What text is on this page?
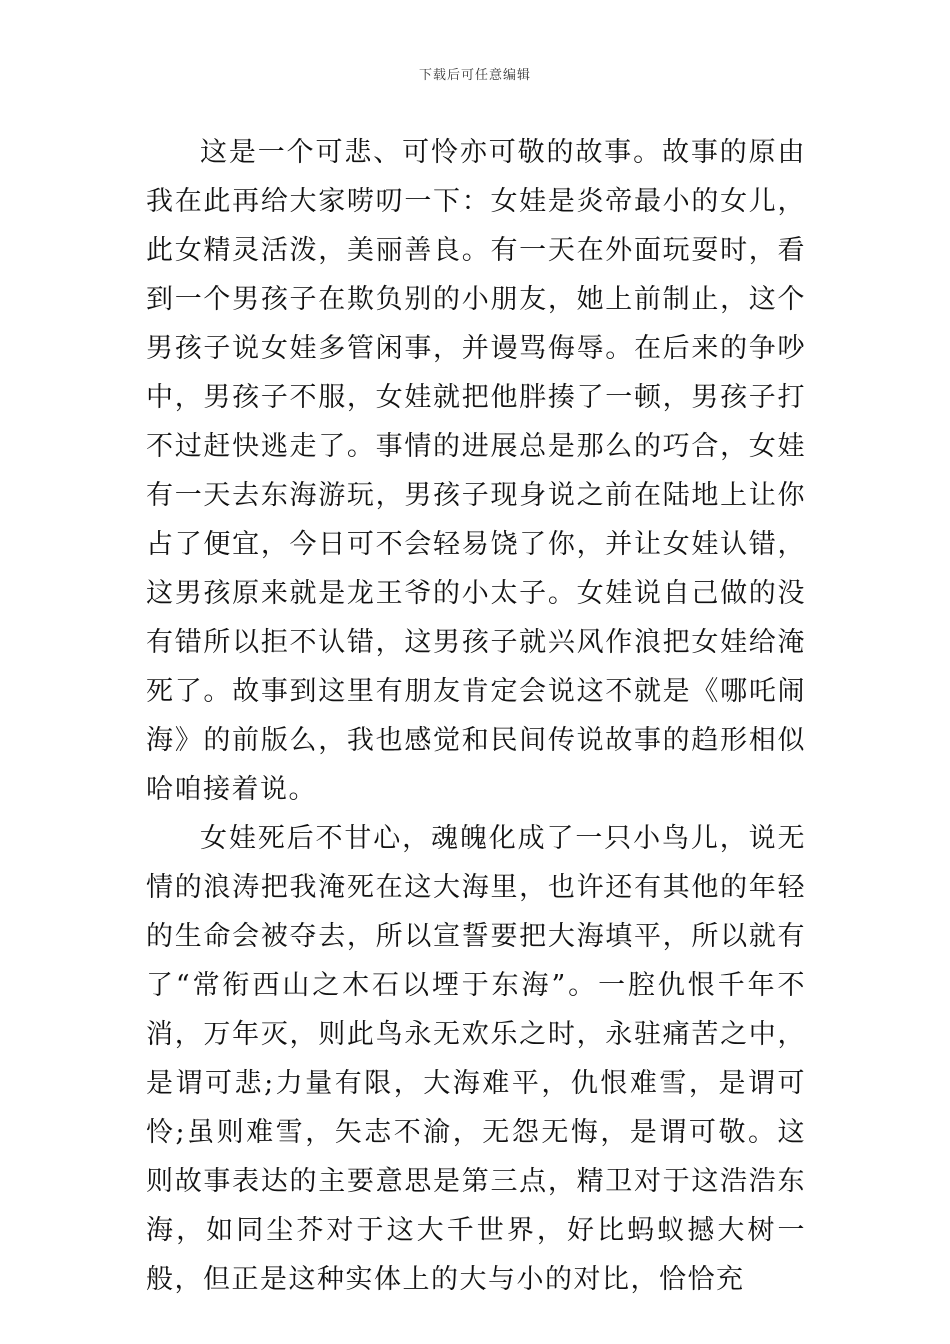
下载后可任意编辑

这是一个可悲、可怜亦可敬的故事。故事的原由我在此再给大家唠叨一下：女娃是炎帝最小的女儿，此女精灵活泼，美丽善良。有一天在外面玩耍时，看到一个男孩子在欺负别的小朋友，她上前制止，这个男孩子说女娃多管闲事，并谩骂侮辱。在后来的争吵中，男孩子不服，女娃就把他胖揍了一顿，男孩子打不过赶快逃走了。事情的进展总是那么的巧合，女娃有一天去东海游玩，男孩子现身说之前在陆地上让你占了便宜，今日可不会轻易饶了你，并让女娃认错，这男孩原来就是龙王爷的小太子。女娃说自己做的没有错所以拒不认错，这男孩子就兴风作浪把女娃给淹死了。故事到这里有朋友肯定会说这不就是《哪吒闹海》的前版么，我也感觉和民间传说故事的趋形相似哈咱接着说。

女娃死后不甘心，魂魄化成了一只小鸟儿，说无情的浪涛把我淹死在这大海里，也许还有其他的年轻的生命会被夺去，所以宣誓要把大海填平，所以就有了“常衔西山之木石以堙于东海”。一腔仇恨千年不消，万年灭，则此鸟永无欢乐之时，永驻痛苦之中，是谓可悲;力量有限，大海难平，仇恨难雪，是谓可怜;虽则难雪，矢志不渝，无怨无悔，是谓可敬。这则故事表达的主要意思是第三点，精卫对于这浩浩东海，如同尘芥对于这大千世界，好比蚂蚁撼大树一般，但正是这种实体上的大与小的对比，恰恰充
